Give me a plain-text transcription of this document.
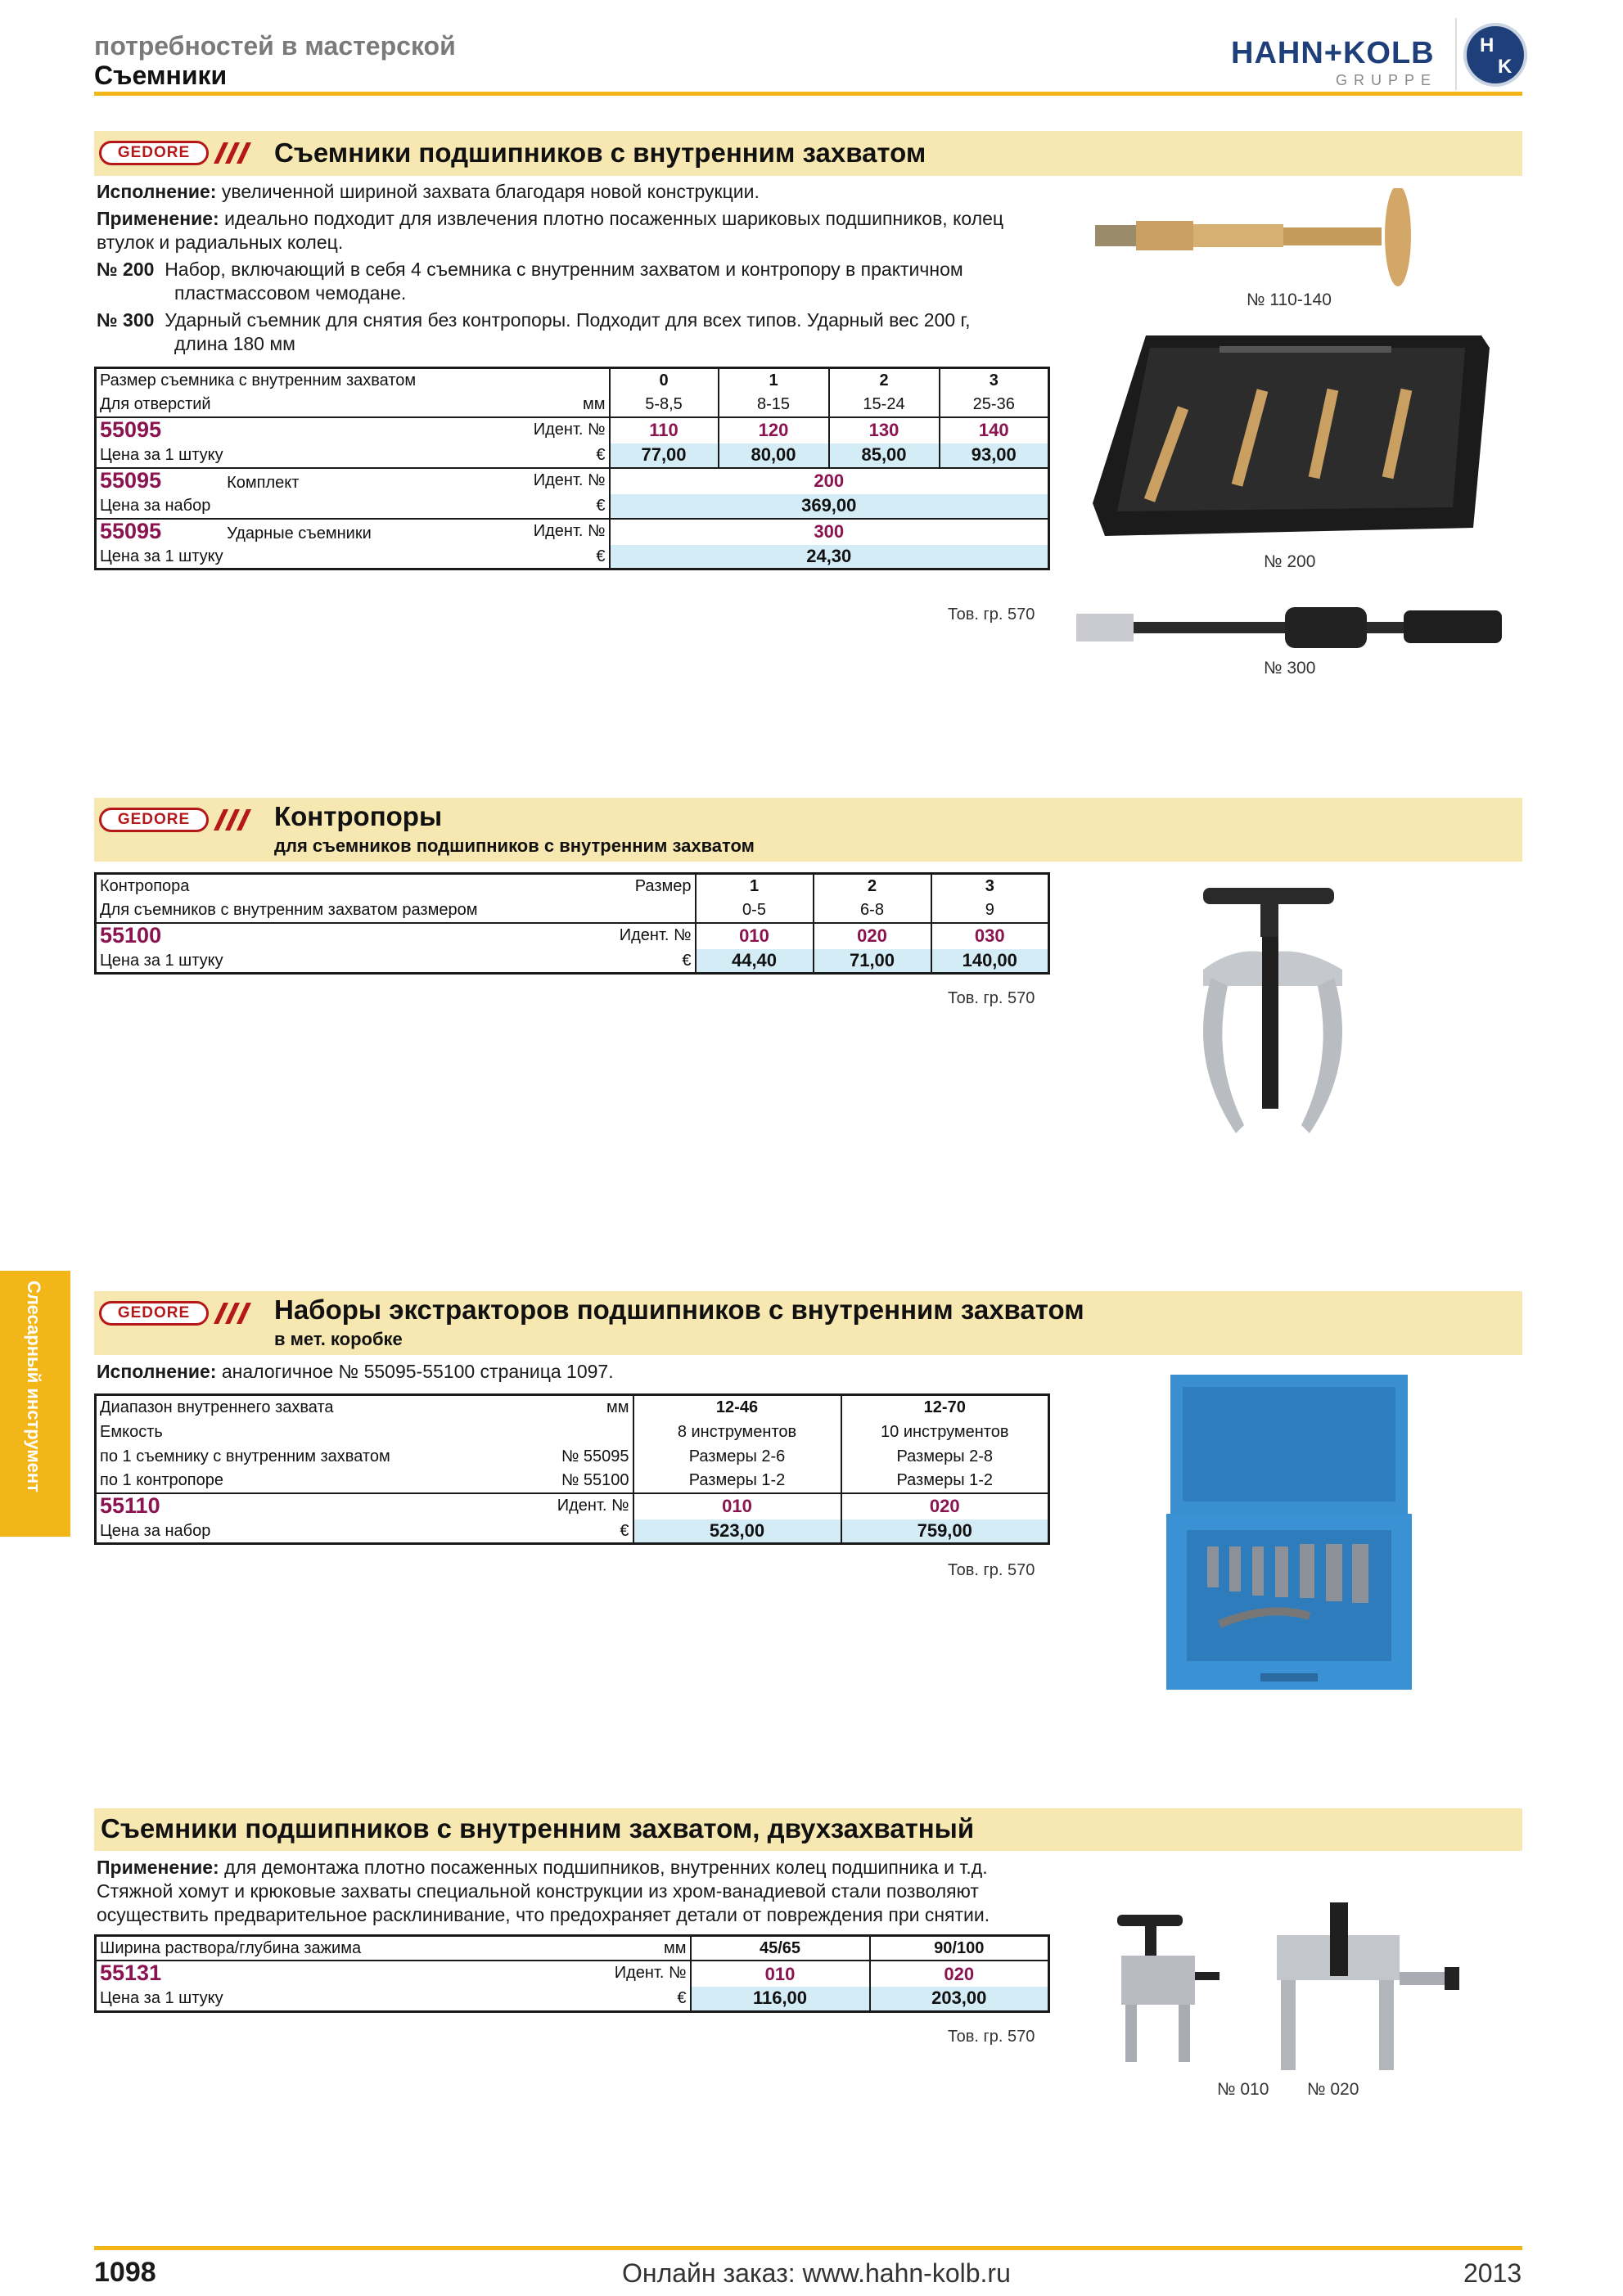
потребностей в мастерской
Съемники
HAHN+KOLB
GRUPPE
H
K
GEDORE	Съемники подшипников с внутренним захватом
Исполнение: увеличенной шириной захвата благодаря новой конструкции.
Применение: идеально подходит для извлечения плотно посаженных шариковых подшипников, колец
втулок и радиальных колец.
№ 200 Набор, включающий в себя 4 съемника с внутренним захватом и контропору в практичном
пластмассовом чемодане.
№ 300 Ударный съемник для снятия без контропоры. Подходит для всех типов. Ударный вес 200 г,
длина 180 мм
Размер съемника с внутренним захватом	0	1	2	3
Для отверстий мм	5-8,5	8-15	15-24	25-36
55095 Идент. №	110	120	130	140
Цена за 1 штуку €	77,00	80,00	85,00	93,00
55095 Комплект Идент. №	200			
Цена за набор €	369,00			
55095 Ударные съемники Идент. №	300			
Цена за 1 штуку €	24,30			
Тов. гр. 570
№ 110-140
№ 200
№ 300
GEDORE	Контропоры
для съемников подшипников с внутренним захватом
Контропора Размер	1	2	3
Для съемников с внутренним захватом размером	0-5	6-8	9
55100 Идент. №	010	020	030
Цена за 1 штуку €	44,40	71,00	140,00
Тов. гр. 570
GEDORE	Наборы экстракторов подшипников с внутренним захватом
в мет. коробке
Исполнение: аналогичное № 55095-55100 страница 1097.
Диапазон внутреннего захвата мм	12-46	12-70
Емкость	8 инструментов	10 инструментов
по 1 съемнику с внутренним захватом № 55095	Размеры 2-6	Размеры 2-8
по 1 контропоре № 55100	Размеры 1-2	Размеры 1-2
55110 Идент. №	010	020
Цена за набор €	523,00	759,00
Тов. гр. 570
Съемники подшипников с внутренним захватом, двухзахватный
Применение: для демонтажа плотно посаженных подшипников, внутренних колец подшипника и т.д.
Стяжной хомут и крюковые захваты специальной конструкции из хром-ванадиевой стали позволяют
осуществить предварительное расклинивание, что предохраняет детали от повреждения при снятии.
Ширина раствора/глубина зажима мм	45/65	90/100
55131 Идент. №	010	020
Цена за 1 штуку €	116,00	203,00
Тов. гр. 570
№ 010 № 020
Слесарный инструмент
1098	Онлайн заказ: www.hahn-kolb.ru	2013
